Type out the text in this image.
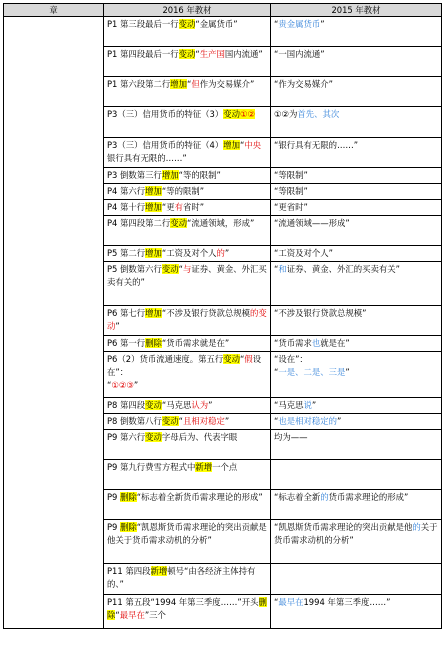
章	2016 年教材	2015 年教材
	P1 第三段最后一行变动“金属货币”	“贵金属货币”
	P1 第四段最后一行变动“生产国国内流通”	“一国内流通”
	P1 第六段第二行增加“但作为交易媒介”	“作为交易媒介”
	P3（三）信用货币的特征（3）变动①②	①②为首先、其次
	P3（三）信用货币的特征（4）增加“中央银行具有无限的……”	“银行具有无限的……”
	P3 倒数第三行增加“等的限制”	“等限制”
	P4 第六行增加“等的限制”	“等限制”
	P4 第十行增加“更有省时”	“更省时”
	P4 第四段第二行变动“流通领域，形成”	“流通领域——形成”
	P5 第二行增加“工资及对个人的”	“工资及对个人”
	P5 倒数第六行变动“与证券、黄金、外汇买卖有关的”	“和证券、黄金、外汇的买卖有关”
	P6 第七行增加“不涉及银行贷款总规模的变动”	“不涉及银行贷款总规模”
	P6 第一行删除“货币需求就是在”	“货币需求也就是在”
	P6（2）货币流通速度。第五行变动“假设在”：
“①②③”	“设在”：
“一是、二是、三是”
	P8 第四段变动“马克思认为”	“马克思说”
	P8 倒数第八行变动“且相对稳定”	“也是相对稳定的”
	P9 第六行变动字母后为、代表字眼	均为——
	P9 第九行费雪方程式中新增一个点	
	P9 删除“标志着全新货币需求理论的形成”	“标志着全新的货币需求理论的形成”
	P9 删除“凯恩斯货币需求理论的突出贡献是他关于货币需求动机的分析”	“凯恩斯货币需求理论的突出贡献是他的关于货币需求动机的分析”
	P11 第四段新增顿号“由各经济主体持有的、”	
	P11 第五段“1994 年第三季度……”开头删除“最早在”三个	“最早在1994 年第三季度……”
